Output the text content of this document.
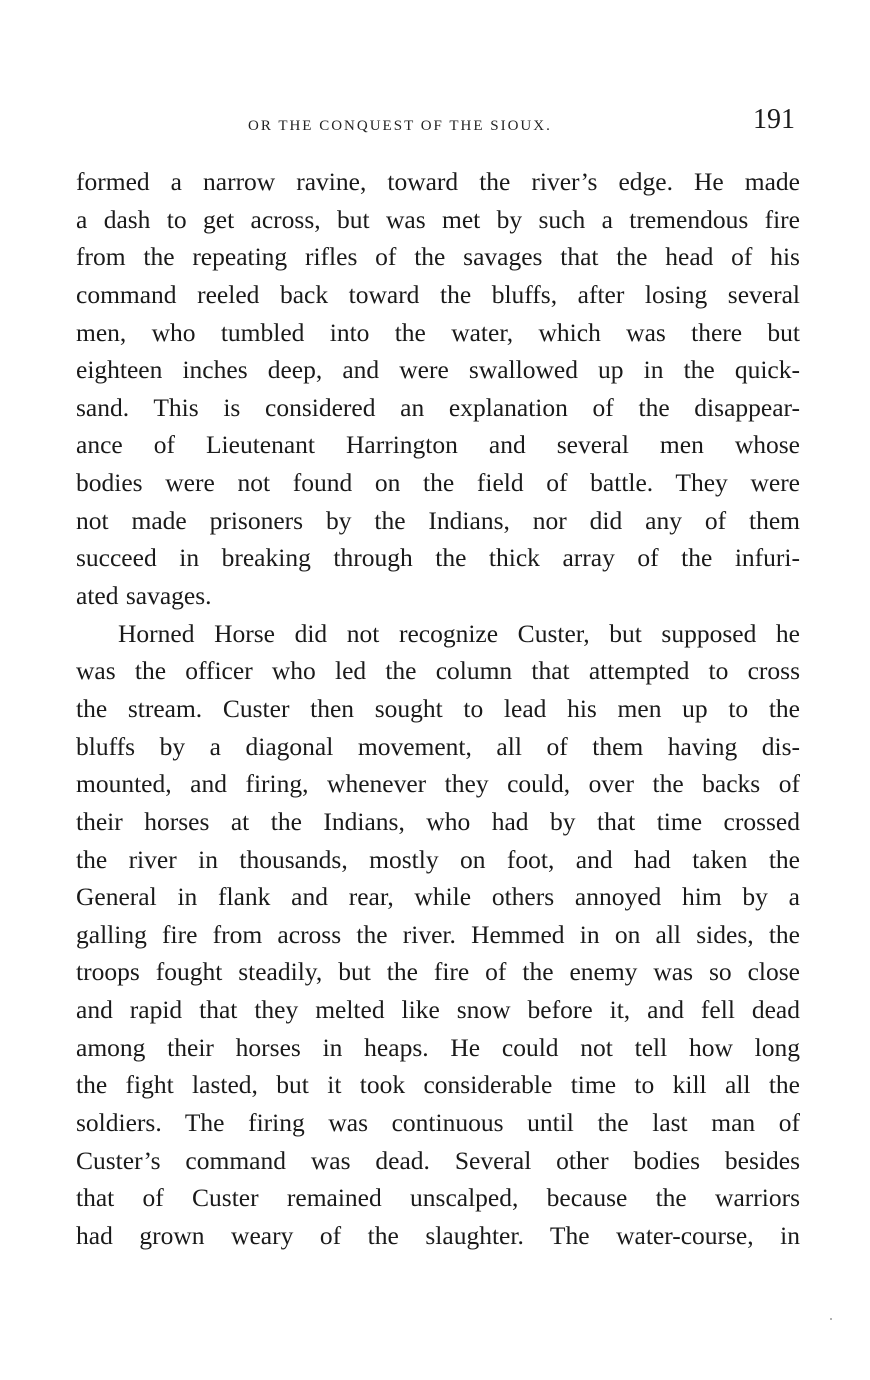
OR THE CONQUEST OF THE SIOUX.	191
formed a narrow ravine, toward the river’s edge. He made
a dash to get across, but was met by such a tremendous fire
from the repeating rifles of the savages that the head of his
command reeled back toward the bluffs, after losing several
men, who tumbled into the water, which was there but
eighteen inches deep, and were swallowed up in the quick-
sand. This is considered an explanation of the disappear-
ance of Lieutenant Harrington and several men whose
bodies were not found on the field of battle. They were
not made prisoners by the Indians, nor did any of them
succeed in breaking through the thick array of the infuri-
ated savages.
Horned Horse did not recognize Custer, but supposed he
was the officer who led the column that attempted to cross
the stream. Custer then sought to lead his men up to the
bluffs by a diagonal movement, all of them having dis-
mounted, and firing, whenever they could, over the backs of
their horses at the Indians, who had by that time crossed
the river in thousands, mostly on foot, and had taken the
General in flank and rear, while others annoyed him by a
galling fire from across the river. Hemmed in on all sides, the
troops fought steadily, but the fire of the enemy was so close
and rapid that they melted like snow before it, and fell dead
among their horses in heaps. He could not tell how long
the fight lasted, but it took considerable time to kill all the
soldiers. The firing was continuous until the last man of
Custer’s command was dead. Several other bodies besides
that of Custer remained unscalped, because the warriors
had grown weary of the slaughter. The water-course, in
